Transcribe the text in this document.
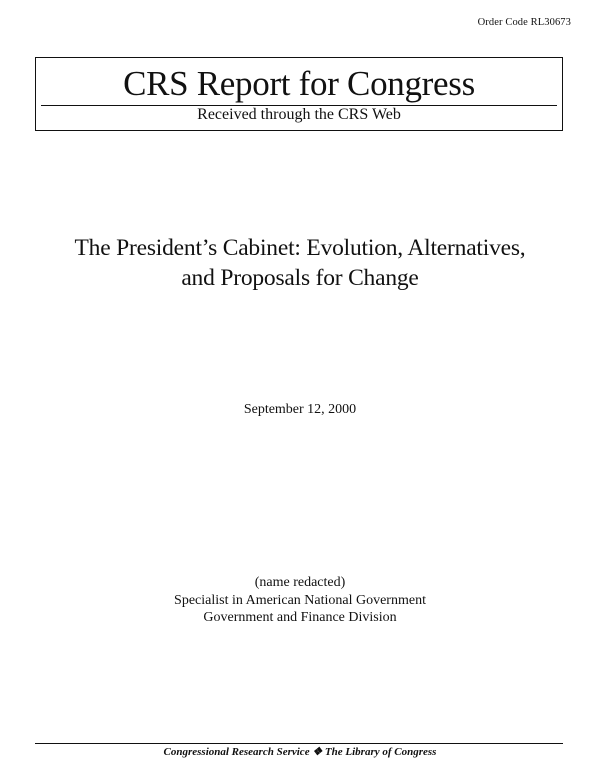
Order Code RL30673
CRS Report for Congress
Received through the CRS Web
The President’s Cabinet: Evolution, Alternatives,
and Proposals for Change
September 12, 2000
(name redacted)
Specialist in American National Government
Government and Finance Division
Congressional Research Service ❖ The Library of Congress
